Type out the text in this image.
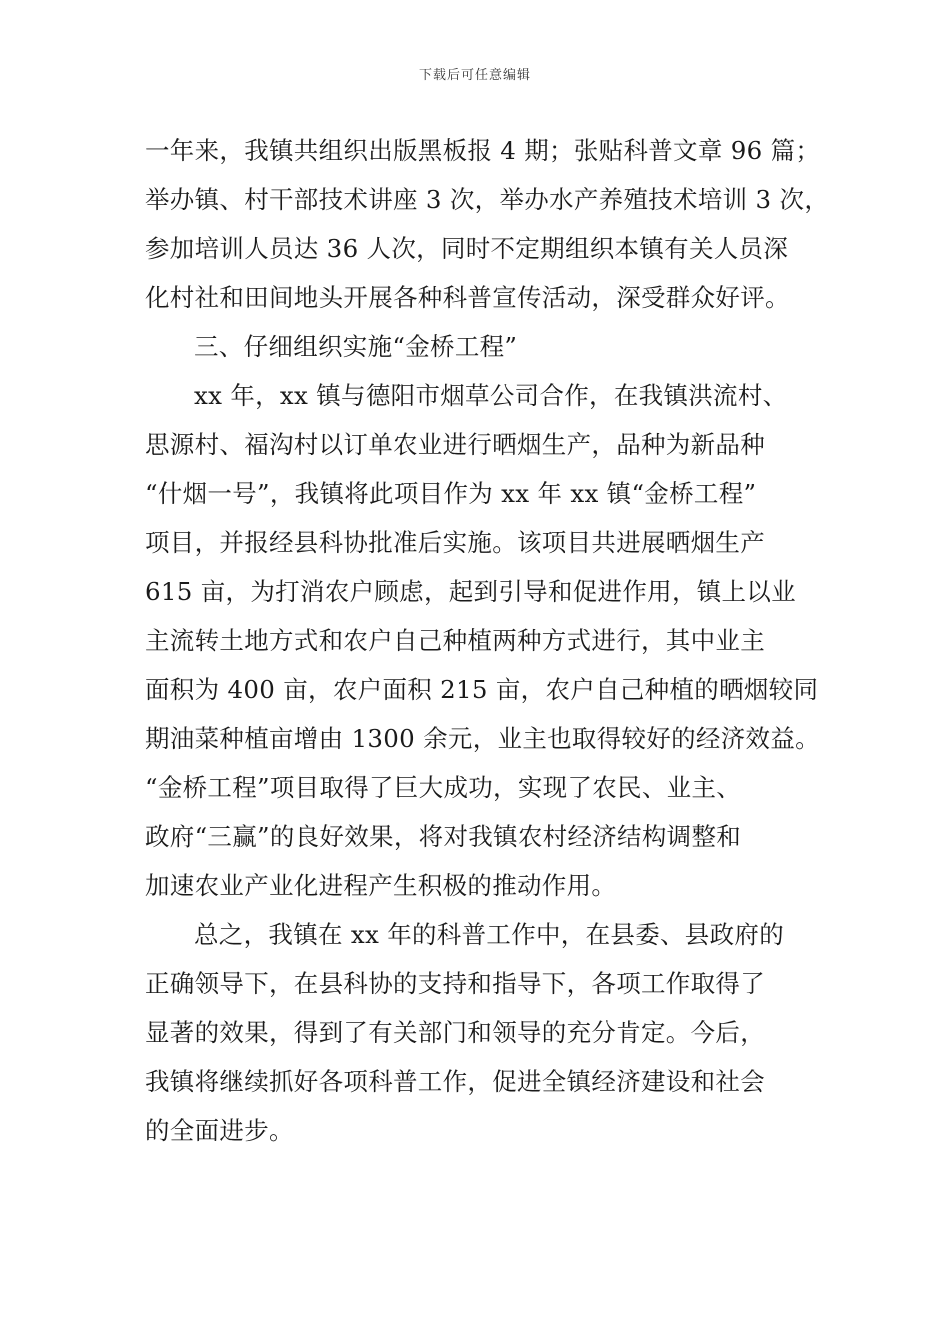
下载后可任意编辑
一年来，我镇共组织出版黑板报 4 期；张贴科普文章 96 篇；
举办镇、村干部技术讲座 3 次，举办水产养殖技术培训 3 次，
参加培训人员达 36 人次，同时不定期组织本镇有关人员深
化村社和田间地头开展各种科普宣传活动，深受群众好评。
三、仔细组织实施“金桥工程”
xx 年，xx 镇与德阳市烟草公司合作，在我镇洪流村、
思源村、福沟村以订单农业进行晒烟生产，品种为新品种
“什烟一号”，我镇将此项目作为 xx 年 xx 镇“金桥工程”
项目，并报经县科协批准后实施。该项目共进展晒烟生产
615 亩，为打消农户顾虑，起到引导和促进作用，镇上以业
主流转土地方式和农户自己种植两种方式进行，其中业主
面积为 400 亩，农户面积 215 亩，农户自己种植的晒烟较同
期油菜种植亩增由 1300 余元，业主也取得较好的经济效益。
“金桥工程”项目取得了巨大成功，实现了农民、业主、
政府“三赢”的良好效果，将对我镇农村经济结构调整和
加速农业产业化进程产生积极的推动作用。
总之，我镇在 xx 年的科普工作中，在县委、县政府的
正确领导下，在县科协的支持和指导下，各项工作取得了
显著的效果，得到了有关部门和领导的充分肯定。今后，
我镇将继续抓好各项科普工作，促进全镇经济建设和社会
的全面进步。
